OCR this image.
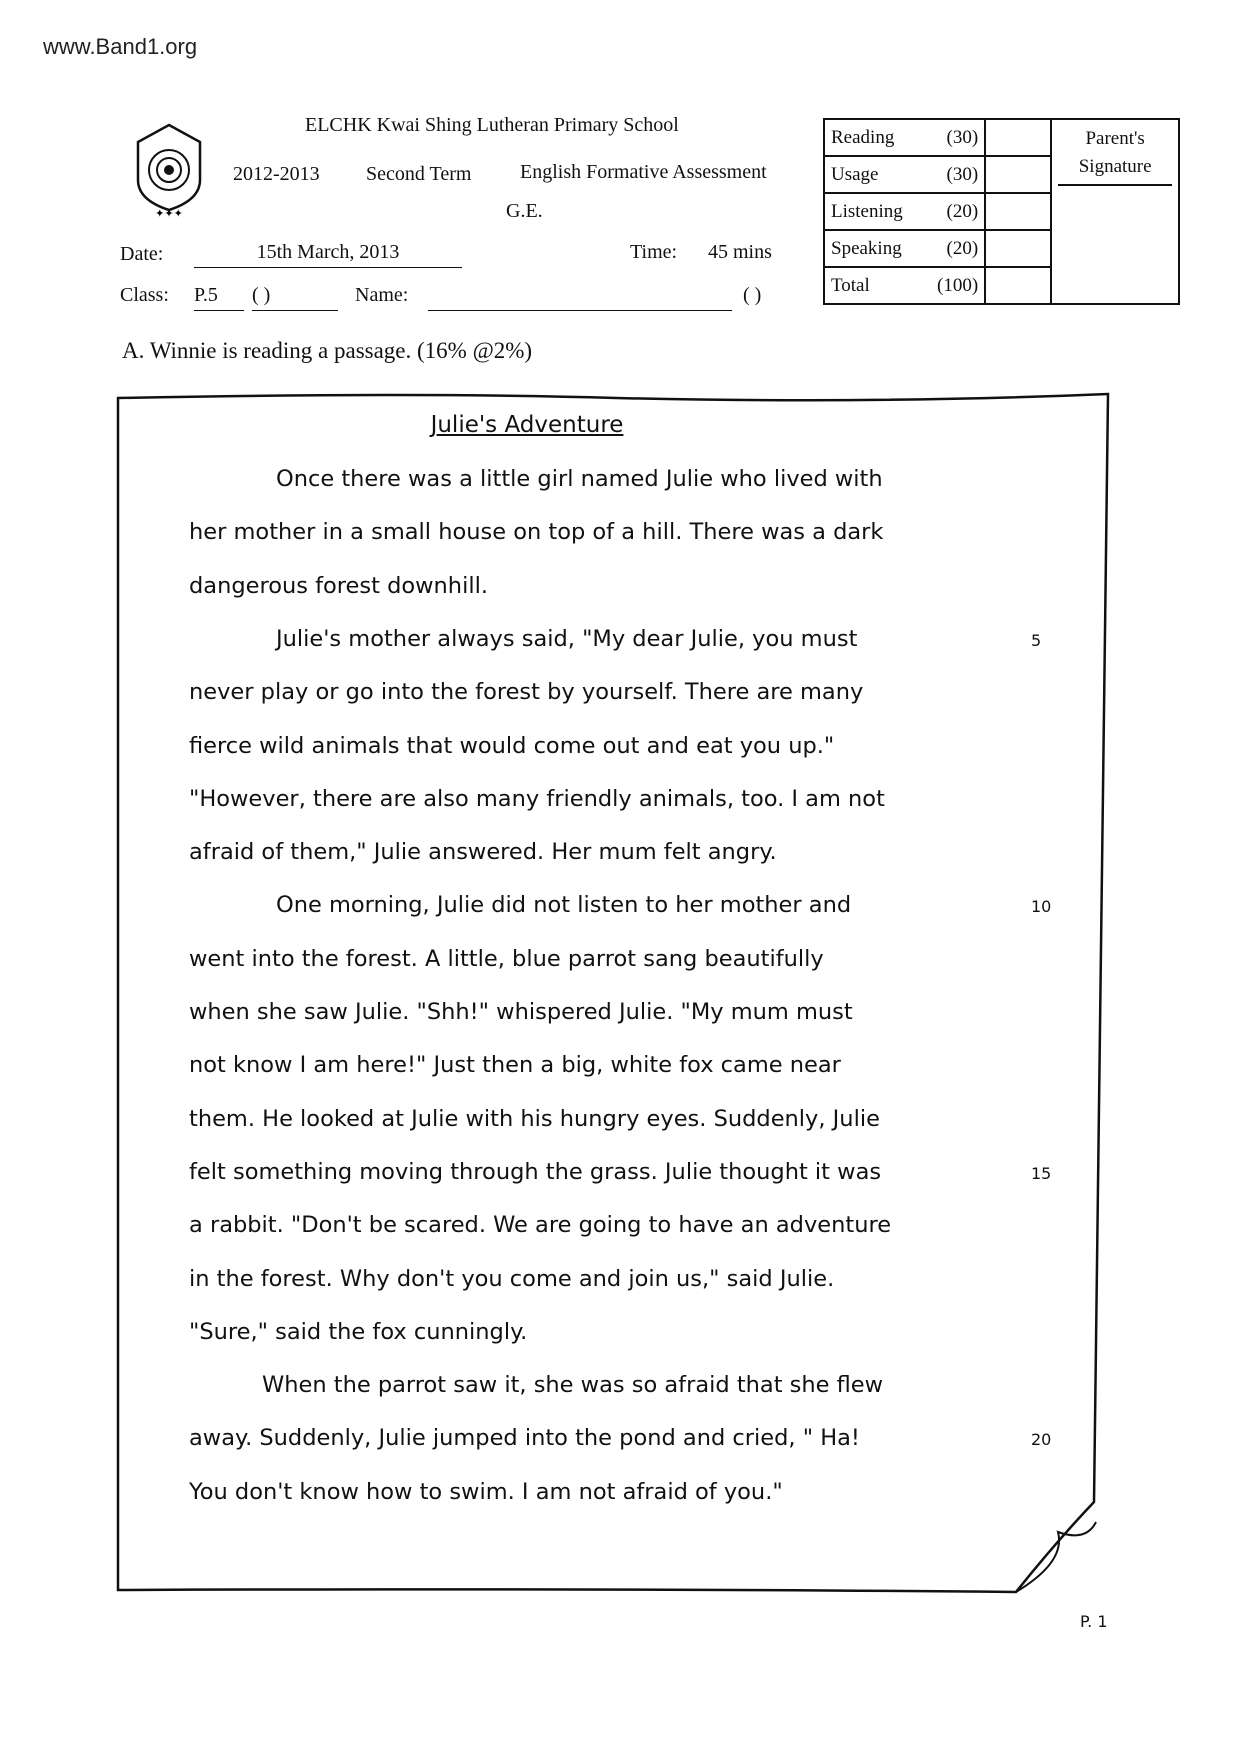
www.Band1.org
✦✦✦
ELCHK Kwai Shing Lutheran Primary School
2012-2013 Second Term English Formative Assessment
G.E.
Date:	15th March, 2013	Time: 45 mins
Class: P.5	( )	Name:	( )
Reading	(30)		Parent's
Signature

Usage	(30)		
Listening	(20)		
Speaking	(20)		
Total	(100)		
A. Winnie is reading a passage. (16% @2%)
Julie's Adventure
Once there was a little girl named Julie who lived with
her mother in a small house on top of a hill. There was a dark
dangerous forest downhill.
Julie's mother always said, "My dear Julie, you must	5
never play or go into the forest by yourself. There are many
fierce wild animals that would come out and eat you up."
"However, there are also many friendly animals, too. I am not
afraid of them," Julie answered. Her mum felt angry.
One morning, Julie did not listen to her mother and	10
went into the forest. A little, blue parrot sang beautifully
when she saw Julie. "Shh!" whispered Julie. "My mum must
not know I am here!" Just then a big, white fox came near
them. He looked at Julie with his hungry eyes. Suddenly, Julie
felt something moving through the grass. Julie thought it was	15
a rabbit. "Don't be scared. We are going to have an adventure
in the forest. Why don't you come and join us," said Julie.
"Sure," said the fox cunningly.
When the parrot saw it, she was so afraid that she flew
away. Suddenly, Julie jumped into the pond and cried, " Ha!	20
You don't know how to swim. I am not afraid of you."
P. 1
